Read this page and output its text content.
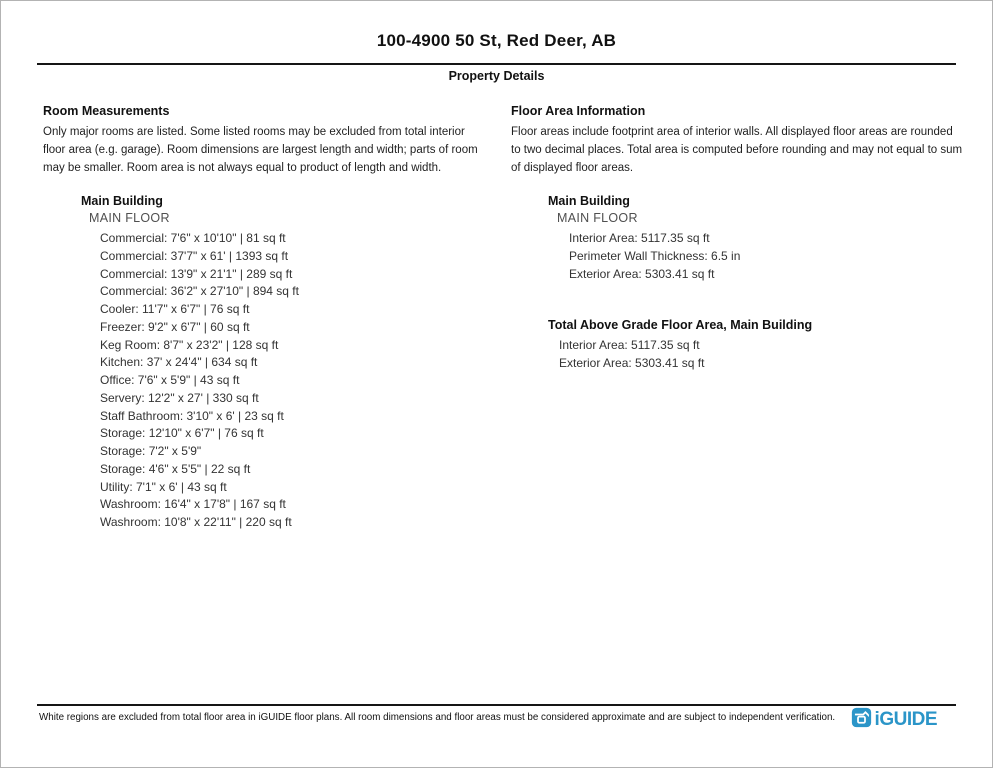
100-4900 50 St, Red Deer, AB
Property Details
Room Measurements
Only major rooms are listed. Some listed rooms may be excluded from total interior floor area (e.g. garage). Room dimensions are largest length and width; parts of room may be smaller. Room area is not always equal to product of length and width.
Main Building
MAIN FLOOR
Commercial: 7'6" x 10'10" | 81 sq ft
Commercial: 37'7" x 61' | 1393 sq ft
Commercial: 13'9" x 21'1" | 289 sq ft
Commercial: 36'2" x 27'10" | 894 sq ft
Cooler: 11'7" x 6'7" | 76 sq ft
Freezer: 9'2" x 6'7" | 60 sq ft
Keg Room: 8'7" x 23'2" | 128 sq ft
Kitchen: 37' x 24'4" | 634 sq ft
Office: 7'6" x 5'9" | 43 sq ft
Servery: 12'2" x 27' | 330 sq ft
Staff Bathroom: 3'10" x 6' | 23 sq ft
Storage: 12'10" x 6'7" | 76 sq ft
Storage: 7'2" x 5'9"
Storage: 4'6" x 5'5" | 22 sq ft
Utility: 7'1" x 6' | 43 sq ft
Washroom: 16'4" x 17'8" | 167 sq ft
Washroom: 10'8" x 22'11" | 220 sq ft
Floor Area Information
Floor areas include footprint area of interior walls. All displayed floor areas are rounded to two decimal places. Total area is computed before rounding and may not equal to sum of displayed floor areas.
Main Building
MAIN FLOOR
Interior Area: 5117.35 sq ft
Perimeter Wall Thickness: 6.5 in
Exterior Area: 5303.41 sq ft
Total Above Grade Floor Area, Main Building
Interior Area: 5117.35 sq ft
Exterior Area: 5303.41 sq ft
White regions are excluded from total floor area in iGUIDE floor plans. All room dimensions and floor areas must be considered approximate and are subject to independent verification.	iGUIDE
